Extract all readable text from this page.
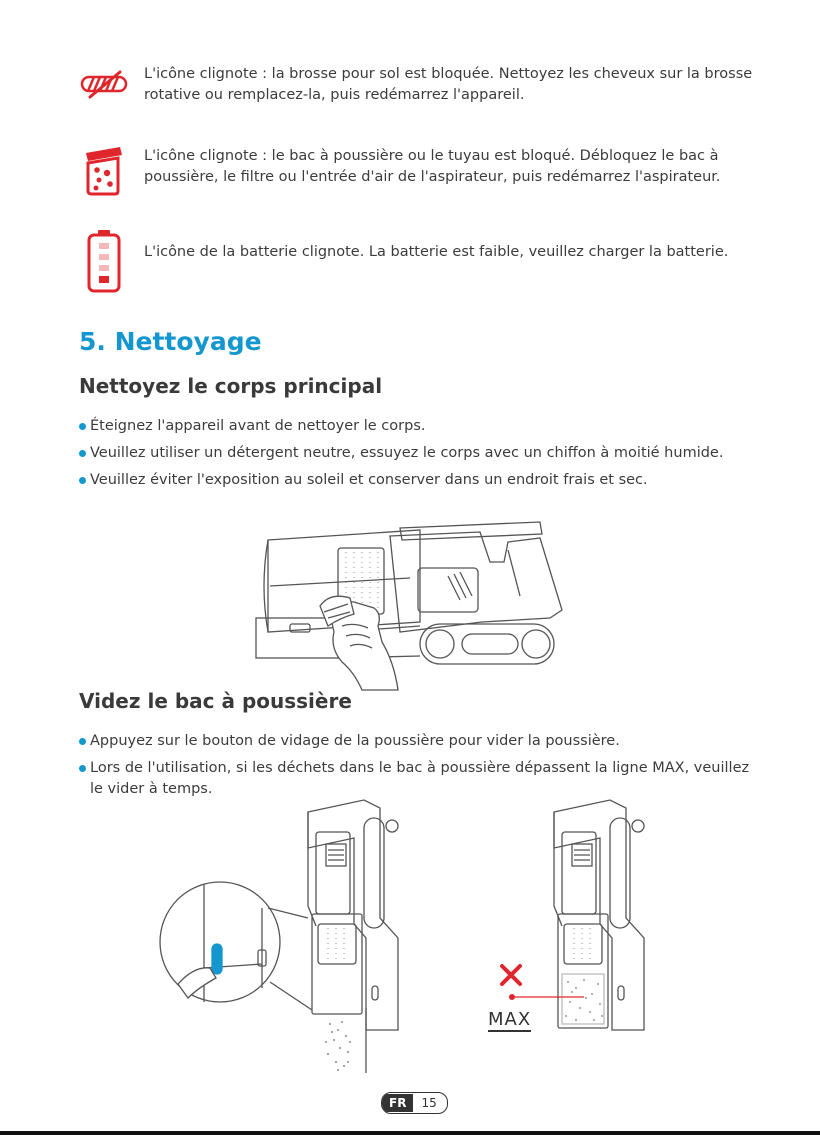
L'icône clignote : la brosse pour sol est bloquée. Nettoyez les cheveux sur la brosse rotative ou remplacez-la, puis redémarrez l'appareil.
L'icône clignote : le bac à poussière ou le tuyau est bloqué. Débloquez le bac à poussière, le filtre ou l'entrée d'air de l'aspirateur, puis redémarrez l'aspirateur.
L'icône de la batterie clignote. La batterie est faible, veuillez charger la batterie.
5. Nettoyage
Nettoyez le corps principal
Éteignez l'appareil avant de nettoyer le corps.
Veuillez utiliser un détergent neutre, essuyez le corps avec un chiffon à moitié humide.
Veuillez éviter l'exposition au soleil et conserver dans un endroit frais et sec.
Videz le bac à poussière
Appuyez sur le bouton de vidage de la poussière pour vider la poussière.
Lors de l'utilisation, si les déchets dans le bac à poussière dépassent la ligne MAX, veuillez le vider à temps.
MAX
FR	15
